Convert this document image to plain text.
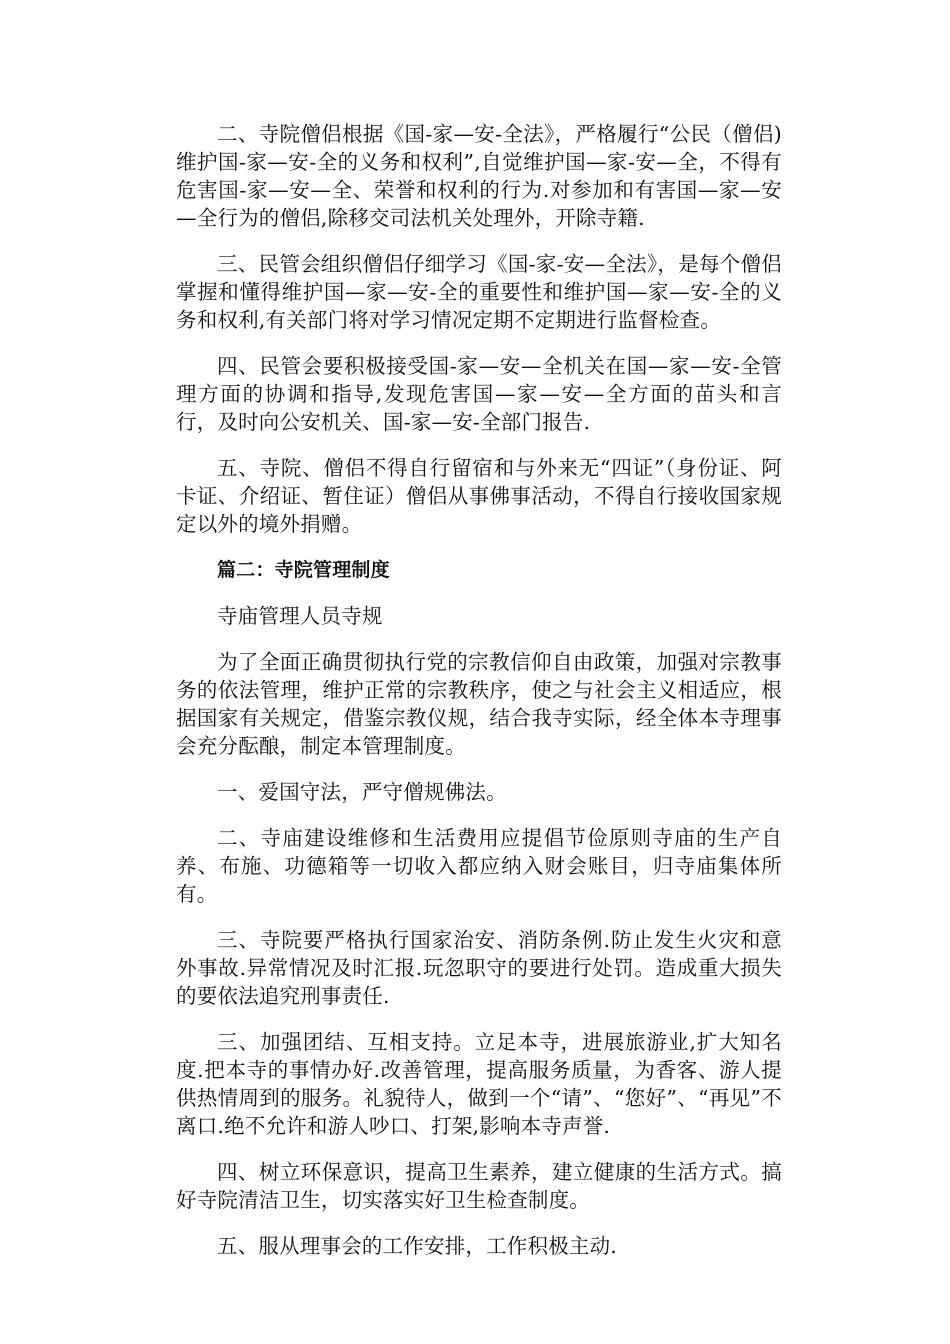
二、寺院僧侣根据《国-家—安-全法》，严格履行“公民（僧侣)维护国-家—安-全的义务和权利”,自觉维护国—家-安—全，不得有危害国-家—安—全、荣誉和权利的行为.对参加和有害国—家—安—全行为的僧侣,除移交司法机关处理外，开除寺籍.

三、民管会组织僧侣仔细学习《国-家-安—全法》，是每个僧侣掌握和懂得维护国—家—安-全的重要性和维护国—家—安-全的义务和权利,有关部门将对学习情况定期不定期进行监督检查。

四、民管会要积极接受国-家—安—全机关在国—家—安-全管理方面的协调和指导,发现危害国—家—安—全方面的苗头和言行，及时向公安机关、国-家—安-全部门报告.

五、寺院、僧侣不得自行留宿和与外来无“四证”（身份证、阿卡证、介绍证、暂住证）僧侣从事佛事活动，不得自行接收国家规定以外的境外捐赠。

篇二：寺院管理制度

寺庙管理人员寺规

为了全面正确贯彻执行党的宗教信仰自由政策，加强对宗教事务的依法管理，维护正常的宗教秩序，使之与社会主义相适应，根据国家有关规定，借鉴宗教仪规，结合我寺实际，经全体本寺理事会充分酝酿，制定本管理制度。

一、爱国守法，严守僧规佛法。

二、寺庙建设维修和生活费用应提倡节俭原则寺庙的生产自养、布施、功德箱等一切收入都应纳入财会账目，归寺庙集体所有。

三、寺院要严格执行国家治安、消防条例.防止发生火灾和意外事故.异常情况及时汇报.玩忽职守的要进行处罚。造成重大损失的要依法追究刑事责任.

三、加强团结、互相支持。立足本寺，进展旅游业,扩大知名度.把本寺的事情办好.改善管理，提高服务质量，为香客、游人提供热情周到的服务。礼貌待人，做到一个“请”、“您好”、“再见”不离口.绝不允许和游人吵口、打架,影响本寺声誉.

四、树立环保意识，提高卫生素养，建立健康的生活方式。搞好寺院清洁卫生，切实落实好卫生检查制度。

五、服从理事会的工作安排，工作积极主动.
